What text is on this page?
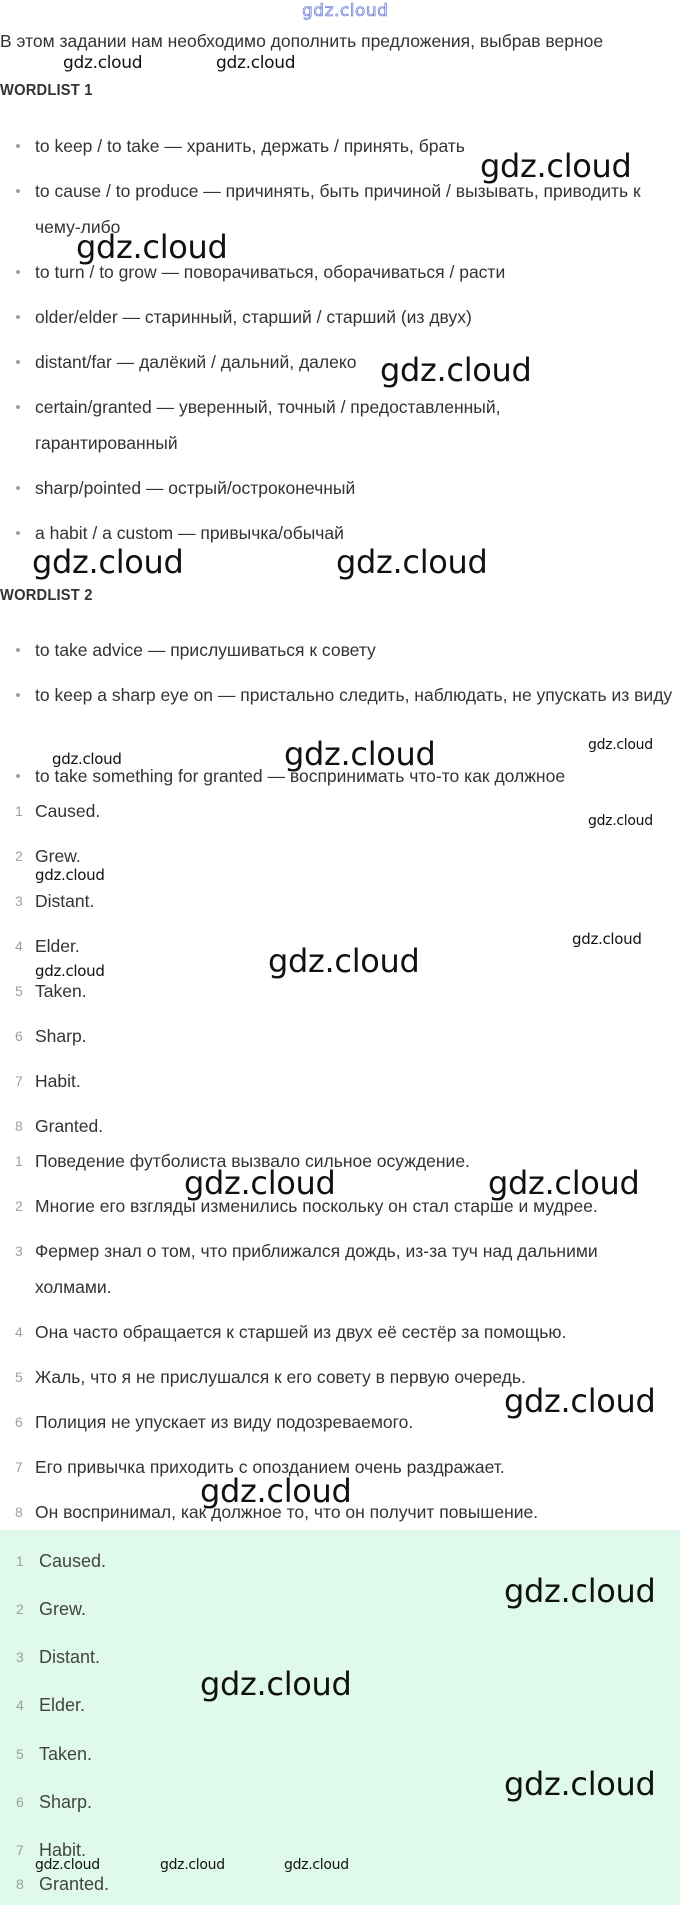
gdz.cloud
В этом задании нам необходимо дополнить предложения, выбрав верное
WORDLIST 1
to keep / to take — хранить, держать / принять, брать
to cause / to produce — причинять, быть причиной / вызывать, приводить к чему-либо
to turn / to grow — поворачиваться, оборачиваться / расти
older/elder — старинный, старший / старший (из двух)
distant/far — далёкий / дальний, далеко
certain/granted — уверенный, точный / предоставленный, гарантированный
sharp/pointed — острый/остроконечный
a habit / a custom — привычка/обычай
WORDLIST 2
to take advice — прислушиваться к совету
to keep a sharp eye on — пристально следить, наблюдать, не упускать из виду
to take something for granted — воспринимать что-то как должное
1 Caused.
2 Grew.
3 Distant.
4 Elder.
5 Taken.
6 Sharp.
7 Habit.
8 Granted.
1 Поведение футболиста вызвало сильное осуждение.
2 Многие его взгляды изменились поскольку он стал старше и мудрее.
3 Фермер знал о том, что приближался дождь, из-за туч над дальними холмами.
4 Она часто обращается к старшей из двух её сестёр за помощью.
5 Жаль, что я не прислушался к его совету в первую очередь.
6 Полиция не упускает из виду подозреваемого.
7 Его привычка приходить с опозданием очень раздражает.
8 Он воспринимал, как должное то, что он получит повышение.
1 Caused.
2 Grew.
3 Distant.
4 Elder.
5 Taken.
6 Sharp.
7 Habit.
8 Granted.
gdz.cloud	gdz.cloud
gdz.cloud
gdz.cloud
gdz.cloud
gdz.cloud	gdz.cloud
gdz.cloud	gdz.cloud	gdz.cloud
gdz.cloud
gdz.cloud
gdz.cloud
gdz.cloud	gdz.cloud
gdz.cloud	gdz.cloud
gdz.cloud
gdz.cloud
gdz.cloud
gdz.cloud
gdz.cloud
gdz.cloud	gdz.cloud	gdz.cloud
